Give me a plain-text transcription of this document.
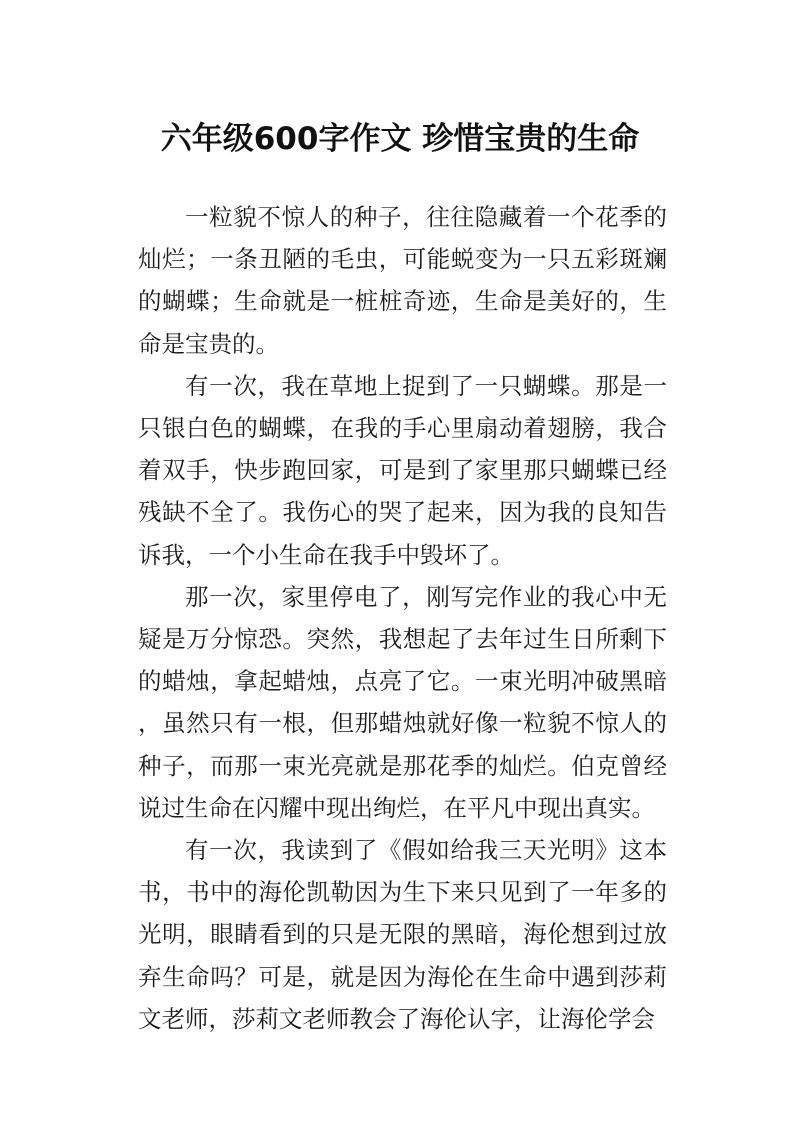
六年级600字作文 珍惜宝贵的生命

一粒貌不惊人的种子，往往隐藏着一个花季的灿烂；一条丑陋的毛虫，可能蜕变为一只五彩斑斓的蝴蝶；生命就是一桩桩奇迹，生命是美好的，生命是宝贵的。

有一次，我在草地上捉到了一只蝴蝶。那是一只银白色的蝴蝶，在我的手心里扇动着翅膀，我合着双手，快步跑回家，可是到了家里那只蝴蝶已经残缺不全了。我伤心的哭了起来，因为我的良知告诉我，一个小生命在我手中毁坏了。

那一次，家里停电了，刚写完作业的我心中无疑是万分惊恐。突然，我想起了去年过生日所剩下的蜡烛，拿起蜡烛，点亮了它。一束光明冲破黑暗，虽然只有一根，但那蜡烛就好像一粒貌不惊人的种子，而那一束光亮就是那花季的灿烂。伯克曾经说过生命在闪耀中现出绚烂，在平凡中现出真实。

有一次，我读到了《假如给我三天光明》这本书，书中的海伦凯勒因为生下来只见到了一年多的光明，眼睛看到的只是无限的黑暗，海伦想到过放弃生命吗？可是，就是因为海伦在生命中遇到莎莉文老师，莎莉文老师教会了海伦认字，让海伦学会
